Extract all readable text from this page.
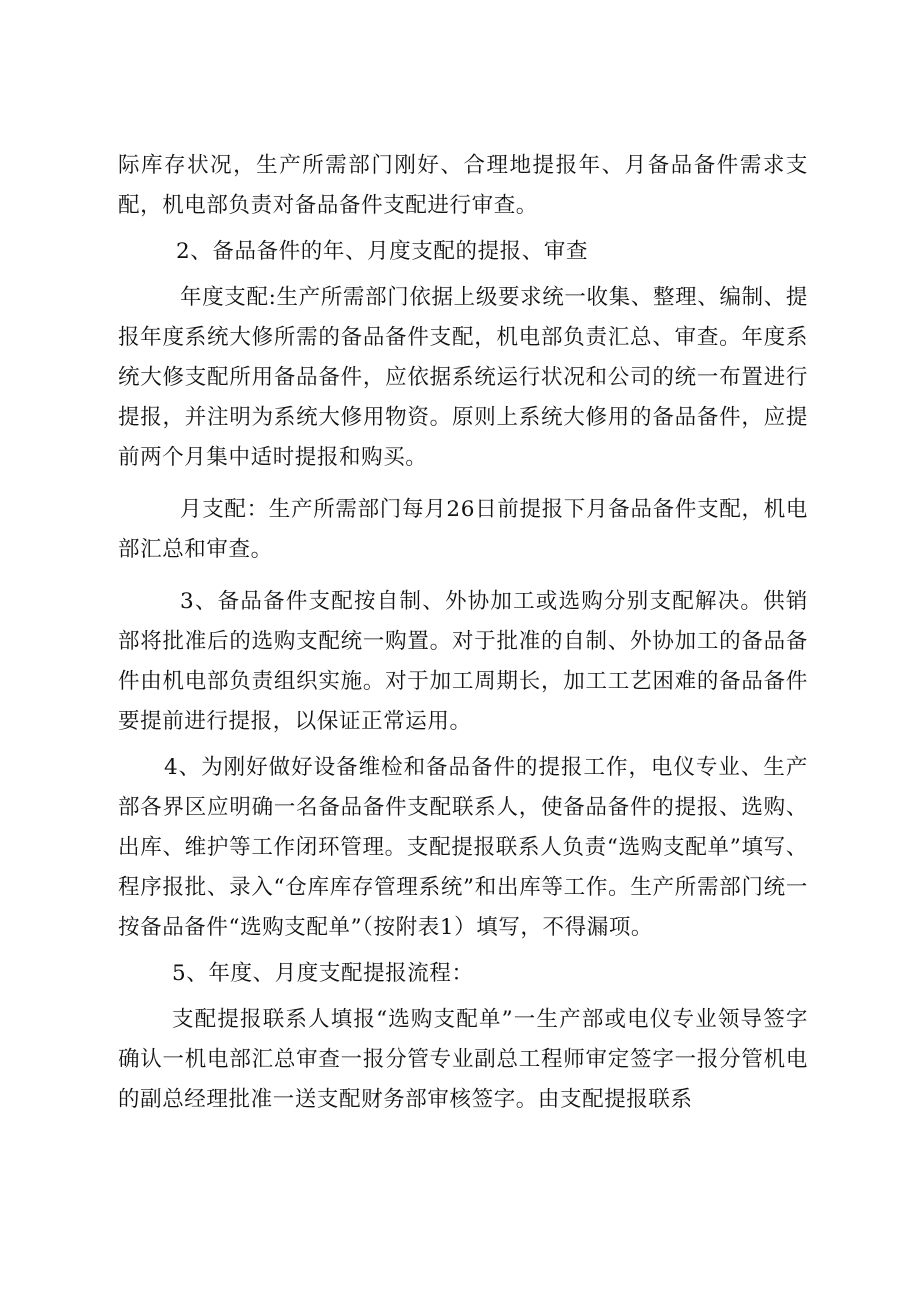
际库存状况，生产所需部门刚好、合理地提报年、月备品备件需求支配，机电部负责对备品备件支配进行审查。

2、备品备件的年、月度支配的提报、审查

年度支配:生产所需部门依据上级要求统一收集、整理、编制、提报年度系统大修所需的备品备件支配，机电部负责汇总、审查。年度系统大修支配所用备品备件，应依据系统运行状况和公司的统一布置进行提报，并注明为系统大修用物资。原则上系统大修用的备品备件，应提前两个月集中适时提报和购买。

月支配：生产所需部门每月26日前提报下月备品备件支配，机电部汇总和审查。

3、备品备件支配按自制、外协加工或选购分别支配解决。供销部将批准后的选购支配统一购置。对于批准的自制、外协加工的备品备件由机电部负责组织实施。对于加工周期长，加工工艺困难的备品备件要提前进行提报，以保证正常运用。

4、为刚好做好设备维检和备品备件的提报工作，电仪专业、生产部各界区应明确一名备品备件支配联系人，使备品备件的提报、选购、出库、维护等工作闭环管理。支配提报联系人负责“选购支配单”填写、程序报批、录入“仓库库存管理系统”和出库等工作。生产所需部门统一按备品备件“选购支配单”（按附表1）填写，不得漏项。

5、年度、月度支配提报流程：

支配提报联系人填报“选购支配单”一生产部或电仪专业领导签字确认一机电部汇总审查一报分管专业副总工程师审定签字一报分管机电的副总经理批准一送支配财务部审核签字。由支配提报联系
